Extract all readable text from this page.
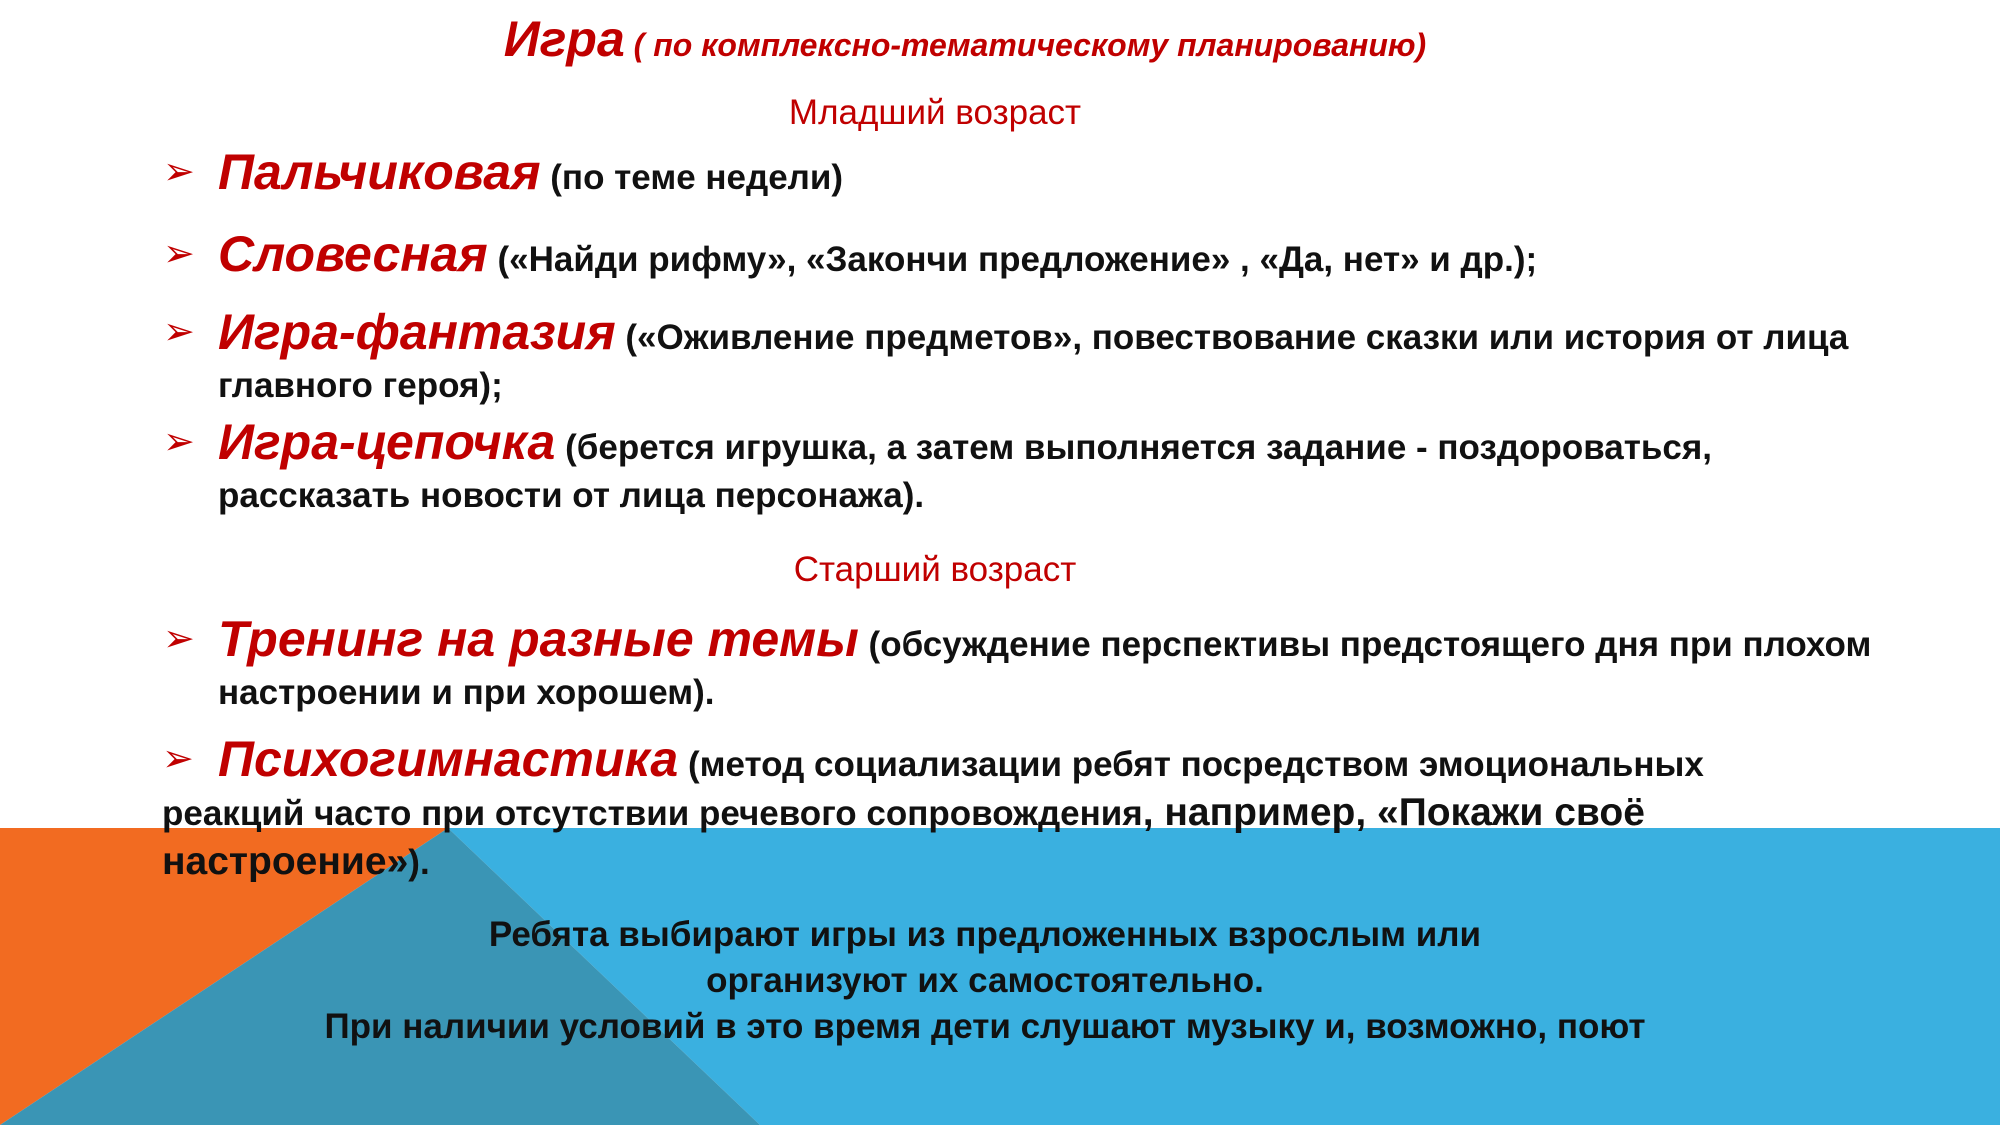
Игра ( по комплексно-тематическому планированию)
Младший возраст
➢ Пальчиковая (по теме недели)
➢ Словесная («Найди рифму», «Закончи предложение» , «Да, нет» и др.);
➢ Игра-фантазия («Оживление предметов», повествование сказки или история от лица главного героя);
➢ Игра-цепочка (берется игрушка, а затем выполняется задание - поздороваться, рассказать новости от лица персонажа).
Старший возраст
➢ Тренинг на разные темы (обсуждение перспективы предстоящего дня при плохом настроении и при хорошем).
➢ Психогимнастика (метод социализации ребят посредством эмоциональных реакций часто при отсутствии речевого сопровождения, например, «Покажи своё настроение»).
Ребята выбирают игры из предложенных взрослым или
организуют их самостоятельно.
При наличии условий в это время дети слушают музыку и, возможно, поют
